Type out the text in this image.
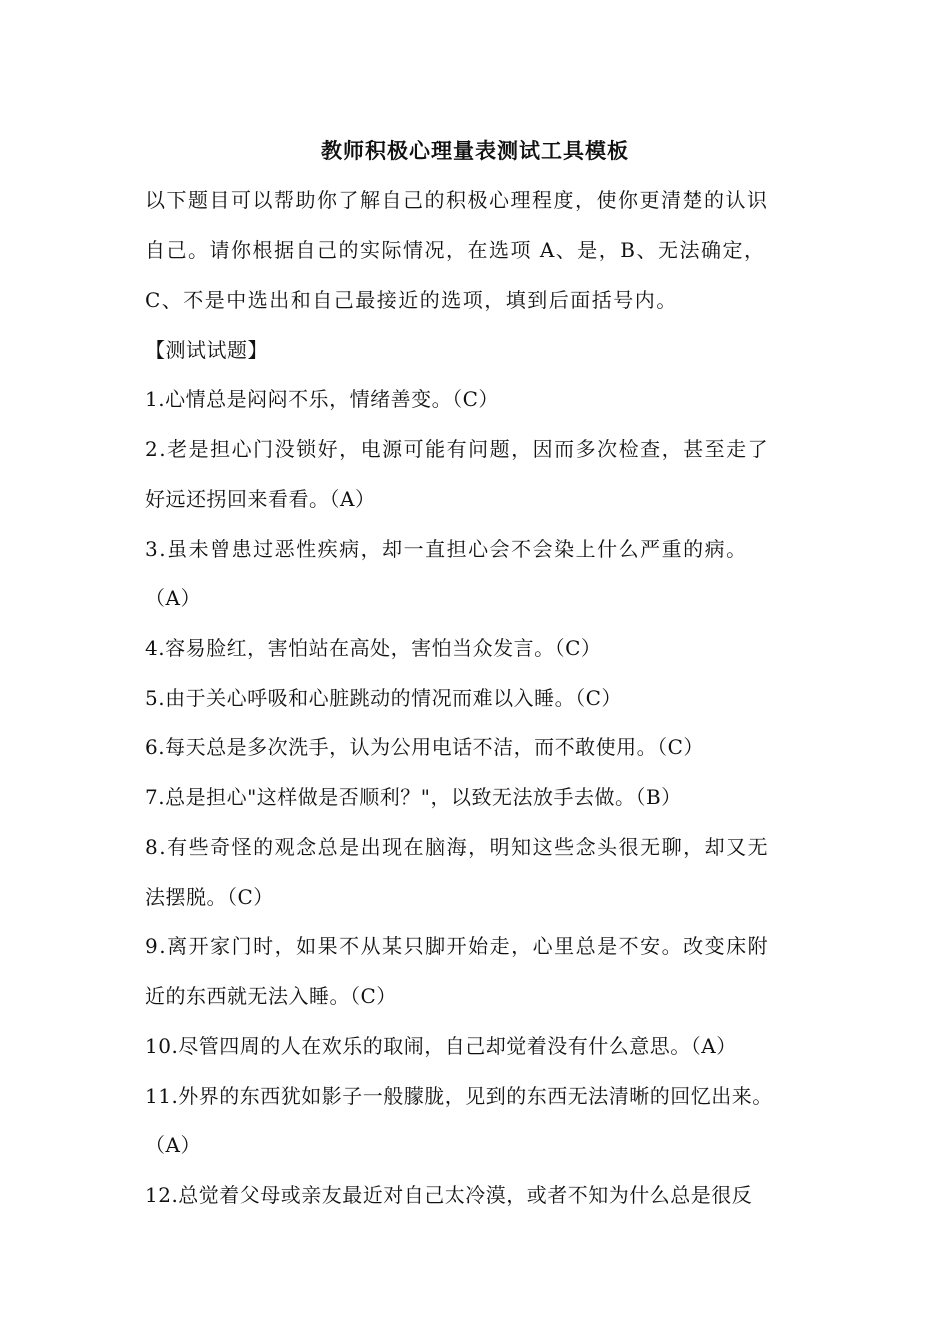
教师积极心理量表测试工具模板
以下题目可以帮助你了解自己的积极心理程度，使你更清楚的认识
自己。请你根据自己的实际情况，在选项 A、是，B、无法确定，
C、不是中选出和自己最接近的选项，填到后面括号内。
【测试试题】
1.心情总是闷闷不乐，情绪善变。（C）
2.老是担心门没锁好，电源可能有问题，因而多次检查，甚至走了
好远还拐回来看看。（A）
3.虽未曾患过恶性疾病，却一直担心会不会染上什么严重的病。
（A）
4.容易脸红，害怕站在高处，害怕当众发言。（C）
5.由于关心呼吸和心脏跳动的情况而难以入睡。（C）
6.每天总是多次洗手，认为公用电话不洁，而不敢使用。（C）
7.总是担心"这样做是否顺利？"，以致无法放手去做。（B）
8.有些奇怪的观念总是出现在脑海，明知这些念头很无聊，却又无
法摆脱。（C）
9.离开家门时，如果不从某只脚开始走，心里总是不安。改变床附
近的东西就无法入睡。（C）
10.尽管四周的人在欢乐的取闹，自己却觉着没有什么意思。（A）
11.外界的东西犹如影子一般朦胧，见到的东西无法清晰的回忆出来。
（A）
12.总觉着父母或亲友最近对自己太冷漠，或者不知为什么总是很反
